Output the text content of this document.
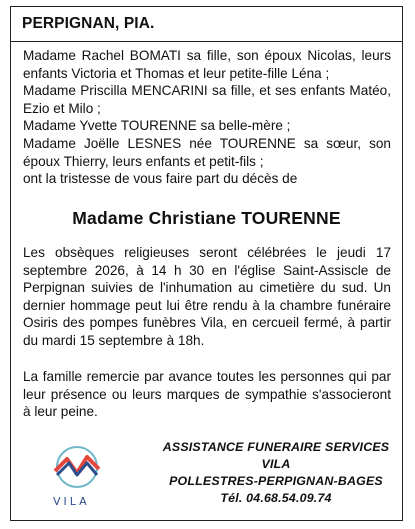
PERPIGNAN, PIA.
Madame Rachel BOMATI sa fille, son époux Nicolas, leurs enfants Victoria et Thomas et leur petite-fille Léna ;
Madame Priscilla MENCARINI sa fille, et ses enfants Matéo, Ezio et Milo ;
Madame Yvette TOURENNE sa belle-mère ;
Madame Joëlle LESNES née TOURENNE sa sœur, son époux Thierry, leurs enfants et petit-fils ;
ont la tristesse de vous faire part du décès de
Madame Christiane TOURENNE
Les obsèques religieuses seront célébrées le jeudi 17 septembre 2026, à 14 h 30 en l'église Saint-Assiscle de Perpignan suivies de l'inhumation au cimetière du sud. Un dernier hommage peut lui être rendu à la chambre funéraire Osiris des pompes funèbres Vila, en cercueil fermé, à partir du mardi 15 septembre à 18h.
La famille remercie par avance toutes les personnes qui par leur présence ou leurs marques de sympathie s'associeront à leur peine.
VILA
ASSISTANCE FUNERAIRE SERVICES
VILA
POLLESTRES-PERPIGNAN-BAGES
Tél. 04.68.54.09.74
